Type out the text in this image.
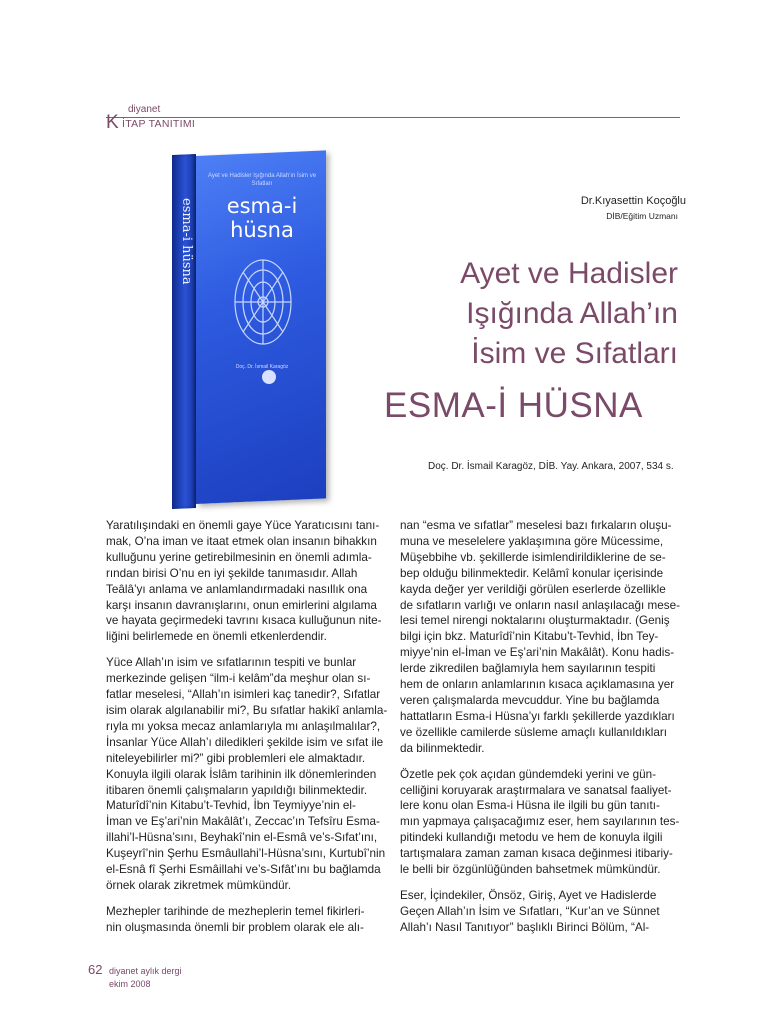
diyanet
K İTAP TANITIMI
esma-i hüsna
Ayet ve Hadisler Işığında Allah'ın İsim ve Sıfatları
esma-i hüsna
Doç. Dr. İsmail Karagöz
Dr.Kıyasettin Koçoğlu
DİB/Eğitim Uzmanı
Ayet ve Hadisler
Işığında Allah’ın
İsim ve Sıfatları
ESMA-İ HÜSNA
Doç. Dr. İsmail Karagöz, DİB. Yay. Ankara, 2007, 534 s.

Yaratılışındaki en önemli gaye Yüce Yaratıcısını tanı-
mak, O’na iman ve itaat etmek olan insanın bihakkın
kulluğunu yerine getirebilmesinin en önemli adımla-
rından birisi O’nu en iyi şekilde tanımasıdır. Allah
Teâlâ’yı anlama ve anlamlandırmadaki nasıllık ona
karşı insanın davranışlarını, onun emirlerini algılama
ve hayata geçirmedeki tavrını kısaca kulluğunun nite-
liğini belirlemede en önemli etkenlerdendir.

Yüce Allah’ın isim ve sıfatlarının tespiti ve bunlar
merkezinde gelişen “ilm-i kelâm”da meşhur olan sı-
fatlar meselesi, “Allah’ın isimleri kaç tanedir?, Sıfatlar
isim olarak algılanabilir mi?, Bu sıfatlar hakikî anlamla-
rıyla mı yoksa mecaz anlamlarıyla mı anlaşılmalılar?,
İnsanlar Yüce Allah’ı diledikleri şekilde isim ve sıfat ile
niteleyebilirler mi?” gibi problemleri ele almaktadır.
Konuyla ilgili olarak İslâm tarihinin ilk dönemlerinden
itibaren önemli çalışmaların yapıldığı bilinmektedir.
Maturîdî’nin Kitabu’t-Tevhid, İbn Teymiyye’nin el-
İman ve Eş’ari’nin Makâlât’ı, Zeccac’ın Tefsîru Esma-
illahi’l-Hüsna’sını, Beyhakî’nin el-Esmâ ve’s-Sıfat’ını,
Kuşeyrî’nin Şerhu Esmâullahi’l-Hüsna’sını, Kurtubî’nin
el-Esnâ fî Şerhi Esmâillahi ve’s-Sıfât’ını bu bağlamda
örnek olarak zikretmek mümkündür.

Mezhepler tarihinde de mezheplerin temel fikirleri-
nin oluşmasında önemli bir problem olarak ele alı-

nan “esma ve sıfatlar” meselesi bazı fırkaların oluşu-
muna ve meselelere yaklaşımına göre Mücessime,
Müşebbihe vb. şekillerde isimlendirildiklerine de se-
bep olduğu bilinmektedir. Kelâmî konular içerisinde
kayda değer yer verildiği görülen eserlerde özellikle
de sıfatların varlığı ve onların nasıl anlaşılacağı mese-
lesi temel nirengi noktalarını oluşturmaktadır. (Geniş
bilgi için bkz. Maturîdî’nin Kitabu’t-Tevhid, İbn Tey-
miyye’nin el-İman ve Eş’ari’nin Makâlât). Konu hadis-
lerde zikredilen bağlamıyla hem sayılarının tespiti
hem de onların anlamlarının kısaca açıklamasına yer
veren çalışmalarda mevcuddur. Yine bu bağlamda
hattatların Esma-i Hüsna’yı farklı şekillerde yazdıkları
ve özellikle camilerde süsleme amaçlı kullanıldıkları
da bilinmektedir.

Özetle pek çok açıdan gündemdeki yerini ve gün-
celliğini koruyarak araştırmalara ve sanatsal faaliyet-
lere konu olan Esma-i Hüsna ile ilgili bu gün tanıtı-
mın yapmaya çalışacağımız eser, hem sayılarının tes-
pitindeki kullandığı metodu ve hem de konuyla ilgili
tartışmalara zaman zaman kısaca değinmesi itibariy-
le belli bir özgünlüğünden bahsetmek mümkündür.

Eser, İçindekiler, Önsöz, Giriş, Ayet ve Hadislerde
Geçen Allah’ın İsim ve Sıfatları, “Kur’an ve Sünnet
Allah’ı Nasıl Tanıtıyor” başlıklı Birinci Bölüm, “Al-

62 diyanet aylık dergi
ekim 2008
